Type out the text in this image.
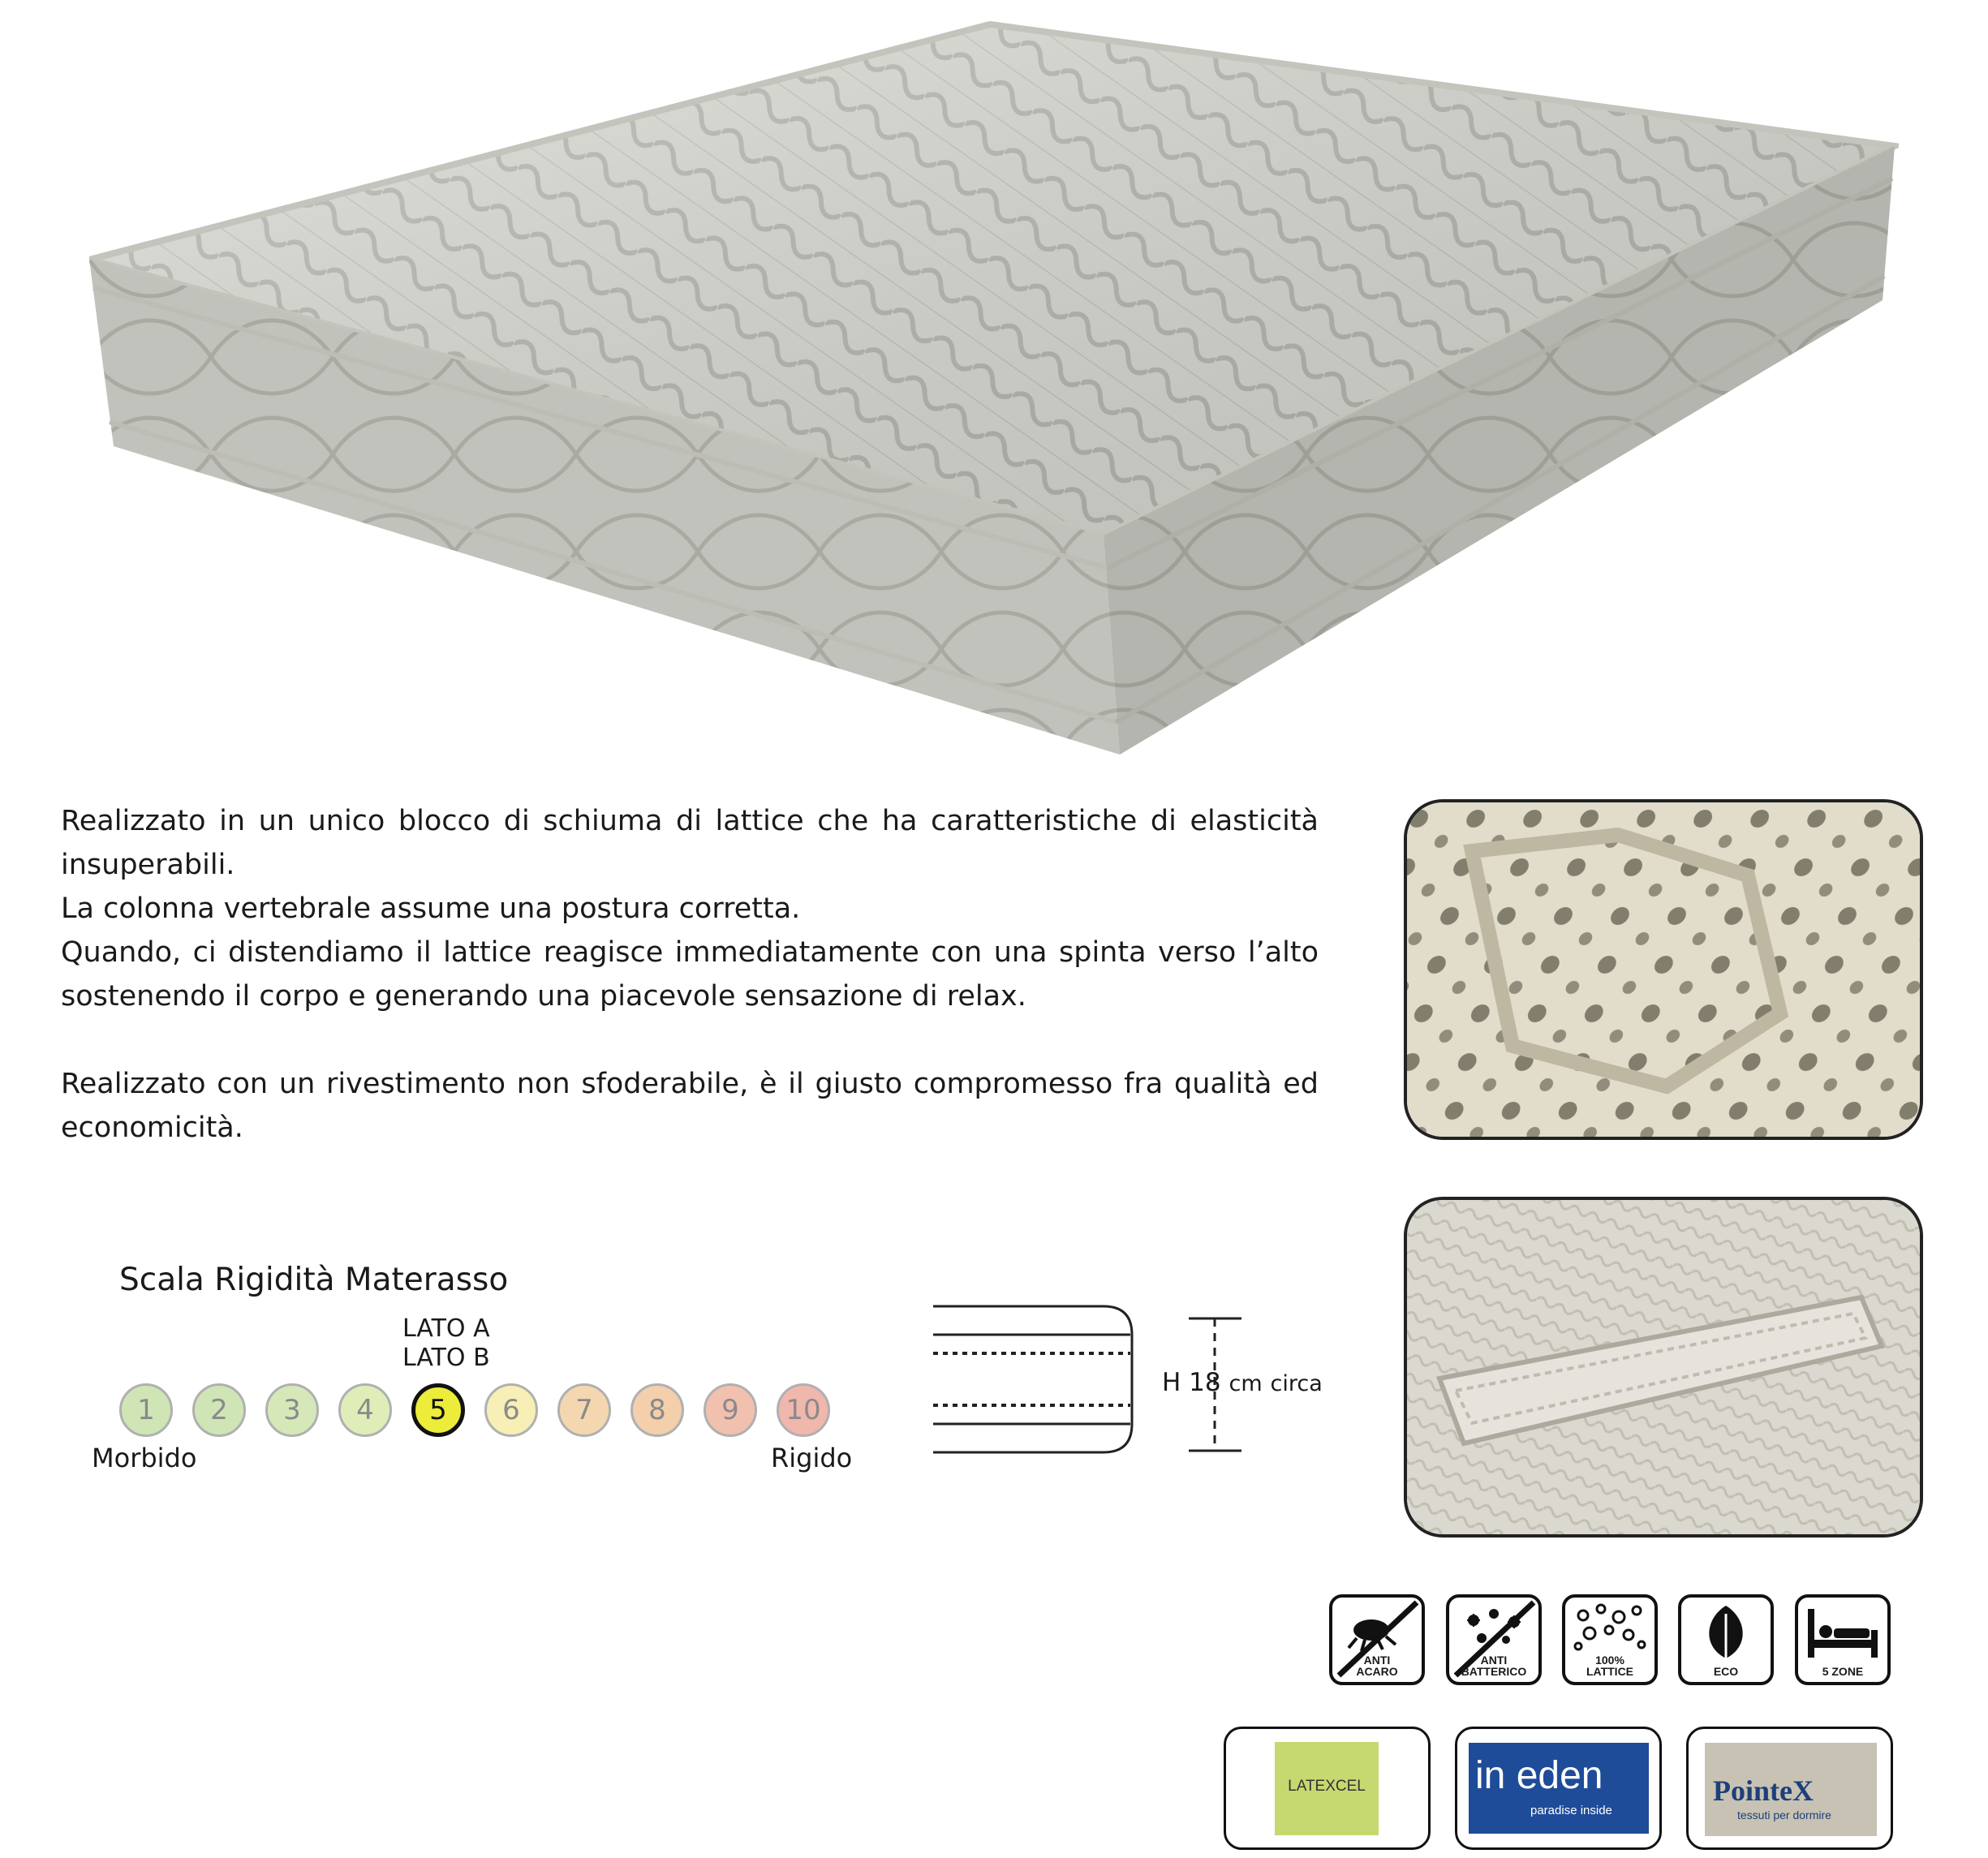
Realizzato in un unico blocco di schiuma di lattice che ha caratteristiche di elasticità insuperabili.

La colonna vertebrale assume una postura corretta.

Quando, ci distendiamo il lattice reagisce immediatamente con una spinta verso l’alto sostenendo il corpo e generando una piacevole sensazione di relax.

Realizzato con un rivestimento non sfoderabile, è il giusto compromesso fra qualità ed economicità.

Scala Rigidità Materasso
LATO A
LATO B
1	2	3	4	5	6	7	8	9	10
Morbido	Rigido
H 18 cm circa
ANTI
ACARO
ANTI
BATTERICO
100%
LATTICE	ECO	5 ZONE
LATEXCEL	in eden
paradise inside
PointeX
tessuti per dormire
